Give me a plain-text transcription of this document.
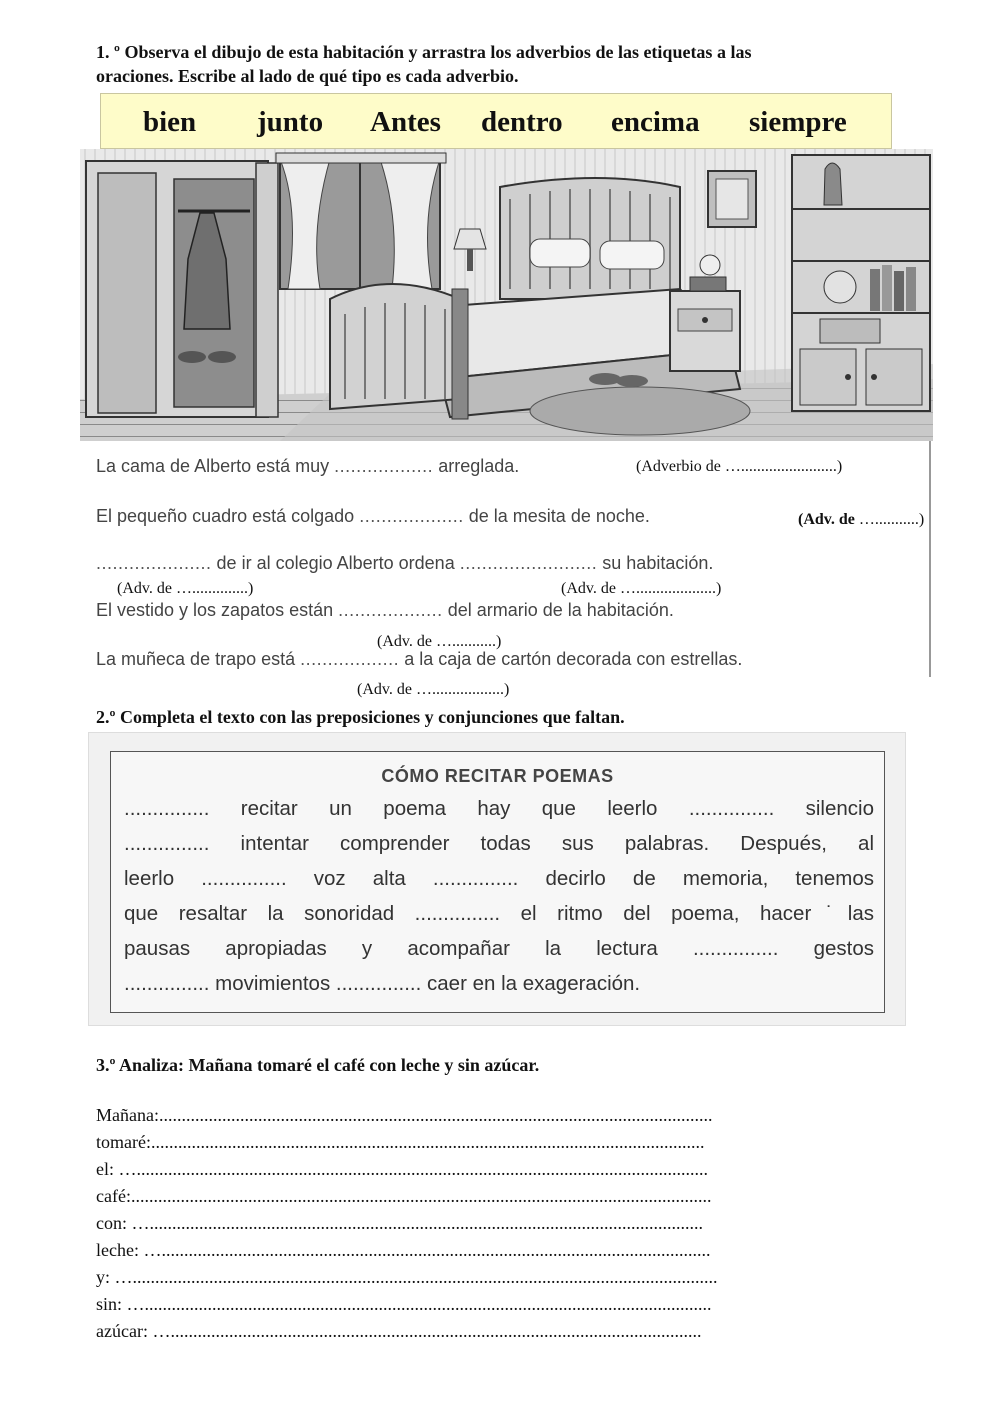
1. º Observa el dibujo de esta habitación y arrastra los adverbios de las etiquetas a las
oraciones. Escribe al lado de qué tipo es cada adverbio.
bien junto Antes dentro encima siempre
La cama de Alberto está muy .................. arreglada.	(Adverbio de …........................)
El pequeño cuadro está colgado ................... de la mesita de noche.	(Adv. de …...........)
..................... de ir al colegio Alberto ordena ......................... su habitación.
(Adv. de …..............)	(Adv. de …....................)
El vestido y los zapatos están ................... del armario de la habitación.
(Adv. de …...........)
La muñeca de trapo está .................. a la caja de cartón decorada con estrellas.
(Adv. de …..................)
2.º Completa el texto con las preposiciones y conjunciones que faltan.
CÓMO RECITAR POEMAS
............... recitar un poema hay que leerlo ............... silencio
............... intentar comprender todas sus palabras. Después, al
leerlo ............... voz alta ............... decirlo de memoria, tenemos
que resaltar la sonoridad ............... el ritmo del poema, hacer˙las
pausas apropiadas y acompañar la lectura ............... gestos
............... movimientos ............... caer en la exageración.
3.º Analiza: Mañana tomaré el café con leche y sin azúcar.
Mañana:...........................................................................................................................
tomaré:...........................................................................................................................
el: …...............................................................................................................................
café:.................................................................................................................................
con: …...........................................................................................................................
leche: …..........................................................................................................................
y: …..................................................................................................................................
sin: …..............................................................................................................................
azúcar: …......................................................................................................................
